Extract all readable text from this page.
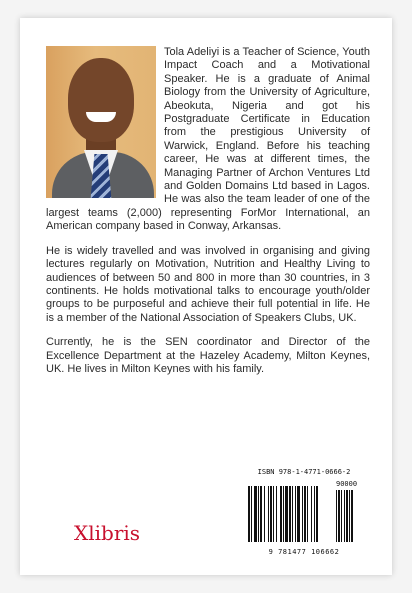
Tola Adeliyi is a Teacher of Science, Youth Impact Coach and a Motivational Speaker. He is a graduate of Animal Biology from the University of Agriculture, Abeokuta, Nigeria and got his Postgraduate Certificate in Education from the prestigious University of Warwick, England. Before his teaching career, He was at different times, the Managing Partner of Archon Ventures Ltd and Golden Domains Ltd based in Lagos. He was also the team leader of one of the largest teams (2,000) representing ForMor International, an American company based in Conway, Arkansas.

He is widely travelled and was involved in organising and giving lectures regularly on Motivation, Nutrition and Healthy Living to audiences of between 50 and 800 in more than 30 countries, in 3 continents. He holds motivational talks to encourage youth/older groups to be purposeful and achieve their full potential in life. He is a member of the National Association of Speakers Clubs, UK.

Currently, he is the SEN coordinator and Director of the Excellence Department at the Hazeley Academy, Milton Keynes, UK. He lives in Milton Keynes with his family.

Xlibris
ISBN 978-1-4771-0666-2
90000
9 781477 106662
